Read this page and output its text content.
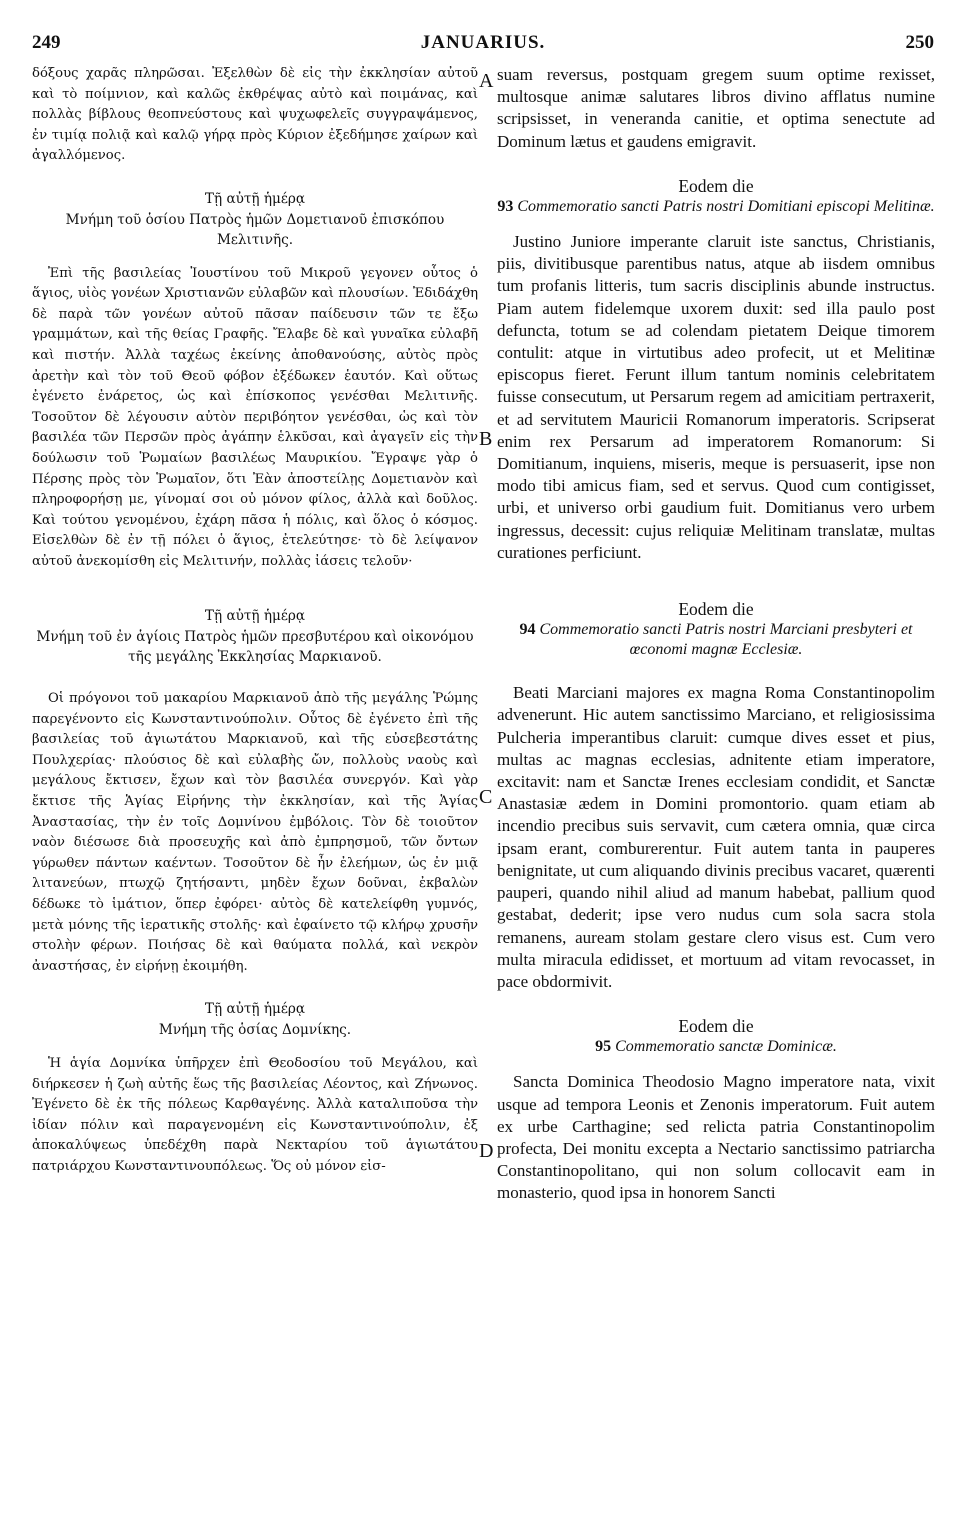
249	JANUARIUS.	250

δόξους χαρᾶς πληρῶσαι. Ἐξελθὼν δὲ εἰς τὴν ἐκκλησίαν αὐτοῦ καὶ τὸ ποίμνιον, καὶ καλῶς ἐκθρέψας αὐτὸ καὶ ποιμάνας, καὶ πολλὰς βίβλους θεοπνεύστους καὶ ψυχωφελεῖς συγγραψάμενος, ἐν τιμίᾳ πολιᾷ καὶ καλῷ γήρᾳ πρὸς Κύριον ἐξεδήμησε χαίρων καὶ ἀγαλλόμενος.

Τῇ αὐτῇ ἡμέρᾳ

Μνήμη τοῦ ὁσίου Πατρὸς ἡμῶν Δομετιανοῦ ἐπισκόπου Μελιτινῆς.

Ἐπὶ τῆς βασιλείας Ἰουστίνου τοῦ Μικροῦ γεγονεν οὗτος ὁ ἅγιος, υἱὸς γονέων Χριστιανῶν εὐλαβῶν καὶ πλουσίων. Ἐδιδάχθη δὲ παρὰ τῶν γονέων αὐτοῦ πᾶσαν παίδευσιν τῶν τε ἔξω γραμμάτων, καὶ τῆς θείας Γραφῆς. Ἔλαβε δὲ καὶ γυναῖκα εὐλαβῆ καὶ πιστήν. Ἀλλὰ ταχέως ἐκείνης ἀποθανούσης, αὐτὸς πρὸς ἀρετὴν καὶ τὸν τοῦ Θεοῦ φόβον ἐξέδωκεν ἑαυτόν. Καὶ οὕτως ἐγένετο ἐνάρετος, ὡς καὶ ἐπίσκοπος γενέσθαι Μελιτινῆς. Τοσοῦτον δὲ λέγουσιν αὐτὸν περιβόητον γενέσθαι, ὡς καὶ τὸν βασιλέα τῶν Περσῶν πρὸς ἀγάπην ἑλκῦσαι, καὶ ἀγαγεῖν εἰς τὴν δούλωσιν τοῦ Ῥωμαίων βασιλέως Μαυρικίου. Ἔγραψε γὰρ ὁ Πέρσης πρὸς τὸν Ῥωμαῖον, ὅτι Ἐὰν ἀποστείλῃς Δομετιανὸν καὶ πληροφορήσῃ με, γίνομαί σοι οὐ μόνον φίλος, ἀλλὰ καὶ δοῦλος. Καὶ τούτου γενομένου, ἐχάρη πᾶσα ἡ πόλις, καὶ ὅλος ὁ κόσμος. Εἰσελθὼν δὲ ἐν τῇ πόλει ὁ ἅγιος, ἐτελεύτησε· τὸ δὲ λείψανον αὐτοῦ ἀνεκομίσθη εἰς Μελιτινήν, πολλὰς ἰάσεις τελοῦν·

Τῇ αὐτῇ ἡμέρᾳ

Μνήμη τοῦ ἐν ἁγίοις Πατρὸς ἡμῶν πρεσβυτέρου καὶ οἰκονόμου τῆς μεγάλης Ἐκκλησίας Μαρκιανοῦ.

Οἱ πρόγονοι τοῦ μακαρίου Μαρκιανοῦ ἀπὸ τῆς μεγάλης Ῥώμης παρεγένοντο εἰς Κωνσταντινούπολιν. Οὗτος δὲ ἐγένετο ἐπὶ τῆς βασιλείας τοῦ ἁγιωτάτου Μαρκιανοῦ, καὶ τῆς εὐσεβεστάτης Πουλχερίας· πλούσιος δὲ καὶ εὐλαβὴς ὤν, πολλοὺς ναοὺς καὶ μεγάλους ἔκτισεν, ἔχων καὶ τὸν βασιλέα συνεργόν. Καὶ γὰρ ἔκτισε τῆς Ἁγίας Εἰρήνης τὴν ἐκκλησίαν, καὶ τῆς Ἁγίας Ἀναστασίας, τὴν ἐν τοῖς Δομνίνου ἐμβόλοις. Τὸν δὲ τοιοῦτον ναὸν διέσωσε διὰ προσευχῆς καὶ ἀπὸ ἐμπρησμοῦ, τῶν ὄντων γύρωθεν πάντων καέντων. Τοσοῦτον δὲ ἦν ἐλεήμων, ὡς ἐν μιᾷ λιτανεύων, πτωχῷ ζητήσαντι, μηδὲν ἔχων δοῦναι, ἐκβαλὼν δέδωκε τὸ ἱμάτιον, ὅπερ ἐφόρει· αὐτὸς δὲ κατελείφθη γυμνός, μετὰ μόνης τῆς ἱερατικῆς στολῆς· καὶ ἐφαίνετο τῷ κλήρῳ χρυσῆν στολὴν φέρων. Ποιήσας δὲ καὶ θαύματα πολλά, καὶ νεκρὸν ἀναστήσας, ἐν εἰρήνῃ ἐκοιμήθη.

Τῇ αὐτῇ ἡμέρᾳ

Μνήμη τῆς ὁσίας Δομνίκης.

Ἡ ἁγία Δομνίκα ὑπῆρχεν ἐπὶ Θεοδοσίου τοῦ Μεγάλου, καὶ διήρκεσεν ἡ ζωὴ αὐτῆς ἕως τῆς βασιλείας Λέοντος, καὶ Ζήνωνος. Ἐγένετο δὲ ἐκ τῆς πόλεως Καρθαγένης. Ἀλλὰ καταλιποῦσα τὴν ἰδίαν πόλιν καὶ παραγενομένη εἰς Κωνσταντινούπολιν, ἐξ ἀποκαλύψεως ὑπεδέχθη παρὰ Νεκταρίου τοῦ ἁγιωτάτου πατριάρχου Κωνσταντινουπόλεως. Ὅς οὐ μόνον εἰσ-

suam reversus, postquam gregem suum optime rexisset, multosque animæ salutares libros divino afflatus numine scripsisset, in veneranda canitie, et optima senectute ad Dominum lætus et gaudens emigravit.

Eodem die

93 Commemoratio sancti Patris nostri Domitiani episcopi Melitinæ.

Justino Juniore imperante claruit iste sanctus, Christianis, piis, divitibusque parentibus natus, atque ab iisdem omnibus tum profanis litteris, tum sacris disciplinis abunde instructus. Piam autem fidelemque uxorem duxit: sed illa paulo post defuncta, totum se ad colendam pietatem Deique timorem contulit: atque in virtutibus adeo profecit, ut et Melitinæ episcopus fieret. Ferunt illum tantum nominis celebritatem fuisse consecutum, ut Persarum regem ad amicitiam pertraxerit, et ad servitutem Mauricii Romanorum imperatoris. Scripserat enim rex Persarum ad imperatorem Romanorum: Si Domitianum, inquiens, miseris, meque is persuaserit, ipse non modo tibi amicus fiam, sed et servus. Quod cum contigisset, urbi, et universo orbi gaudium fuit. Domitianus vero urbem ingressus, decessit: cujus reliquiæ Melitinam translatæ, multas curationes perficiunt.

Eodem die

94 Commemoratio sancti Patris nostri Marciani presbyteri et œconomi magnæ Ecclesiæ.

Beati Marciani majores ex magna Roma Constantinopolim advenerunt. Hic autem sanctissimo Marciano, et religiosissima Pulcheria imperantibus claruit: cumque dives esset et pius, multas ac magnas ecclesias, adnitente etiam imperatore, excitavit: nam et Sanctæ Irenes ecclesiam condidit, et Sanctæ Anastasiæ ædem in Domini promontorio. quam etiam ab incendio precibus suis servavit, cum cætera omnia, quæ circa ipsam erant, comburerentur. Fuit autem tanta in pauperes benignitate, ut cum aliquando divinis precibus vacaret, quærenti pauperi, quando nihil aliud ad manum habebat, pallium quod gestabat, dederit; ipse vero nudus cum sola sacra stola remanens, auream stolam gestare clero visus est. Cum vero multa miracula edidisset, et mortuum ad vitam revocasset, in pace obdormivit.

Eodem die

95 Commemoratio sanctæ Dominicæ.

Sancta Dominica Theodosio Magno imperatore nata, vixit usque ad tempora Leonis et Zenonis imperatorum. Fuit autem ex urbe Carthagine; sed relicta patria Constantinopolim profecta, Dei monitu excepta a Nectario sanctissimo patriarcha Constantinopolitano, qui non solum collocavit eam in monasterio, quod ipsa in honorem Sancti

A
B
C
D
